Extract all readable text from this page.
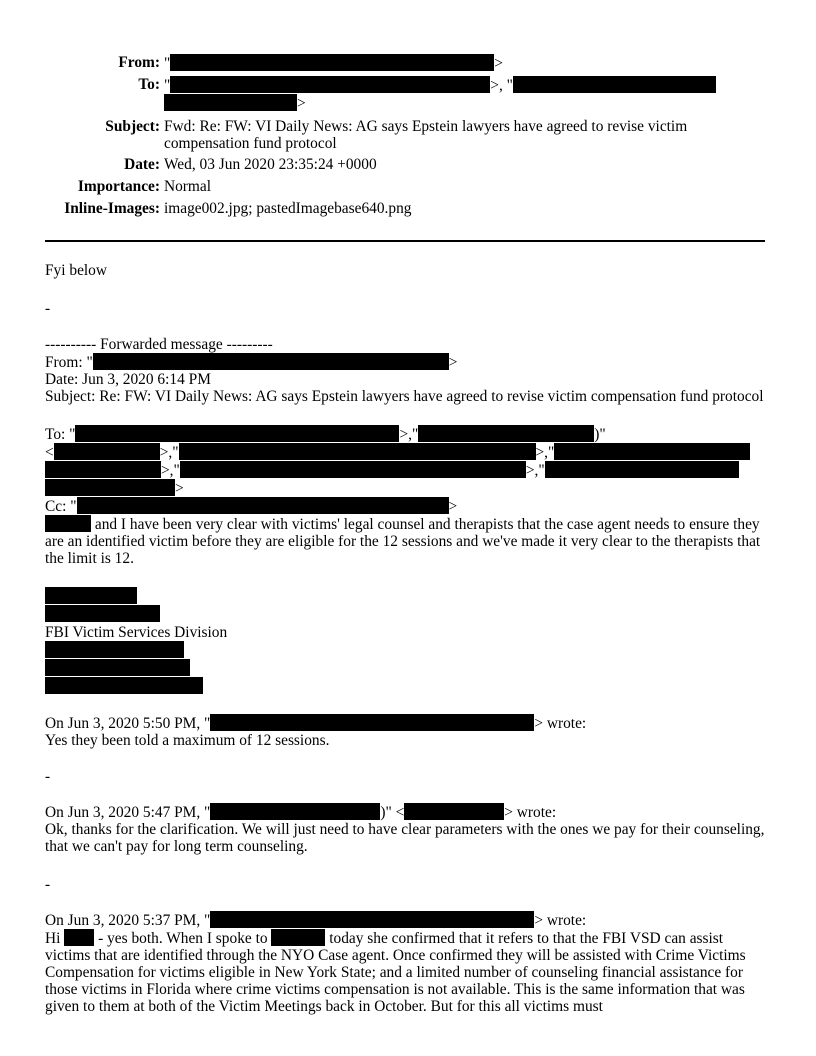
From: "	>
To: "	>, "
>
Subject: Fwd: Re: FW: VI Daily News: AG says Epstein lawyers have agreed to revise victim compensation fund protocol
Date: Wed, 03 Jun 2020 23:35:24 +0000
Importance: Normal
Inline-Images: image002.jpg; pastedImagebase640.png
Fyi below
-
---------- Forwarded message ---------
From: "	>
Date: Jun 3, 2020 6:14 PM
Subject: Re: FW: VI Daily News: AG says Epstein lawyers have agreed to revise victim compensation fund protocol
To: "	>,"	)"
<	>,"	>,"
>,"	>,"
>
Cc: "	>
and I have been very clear with victims' legal counsel and therapists that the case agent needs to ensure they are an identified victim before they are eligible for the 12 sessions and we've made it very clear to the therapists that the limit is 12.
FBI Victim Services Division
On Jun 3, 2020 5:50 PM, "	> wrote:
Yes they been told a maximum of 12 sessions.
-
On Jun 3, 2020 5:47 PM, "	)" <	> wrote:
Ok, thanks for the clarification. We will just need to have clear parameters with the ones we pay for their counseling, that we can't pay for long term counseling.
-
On Jun 3, 2020 5:37 PM, "	> wrote:
Hi - yes both. When I spoke to	today she confirmed that it refers to that the FBI VSD can assist victims that are identified through the NYO Case agent. Once confirmed they will be assisted with Crime Victims Compensation for victims eligible in New York State; and a limited number of counseling financial assistance for those victims in Florida where crime victims compensation is not available. This is the same information that was given to them at both of the Victim Meetings back in October. But for this all victims must
